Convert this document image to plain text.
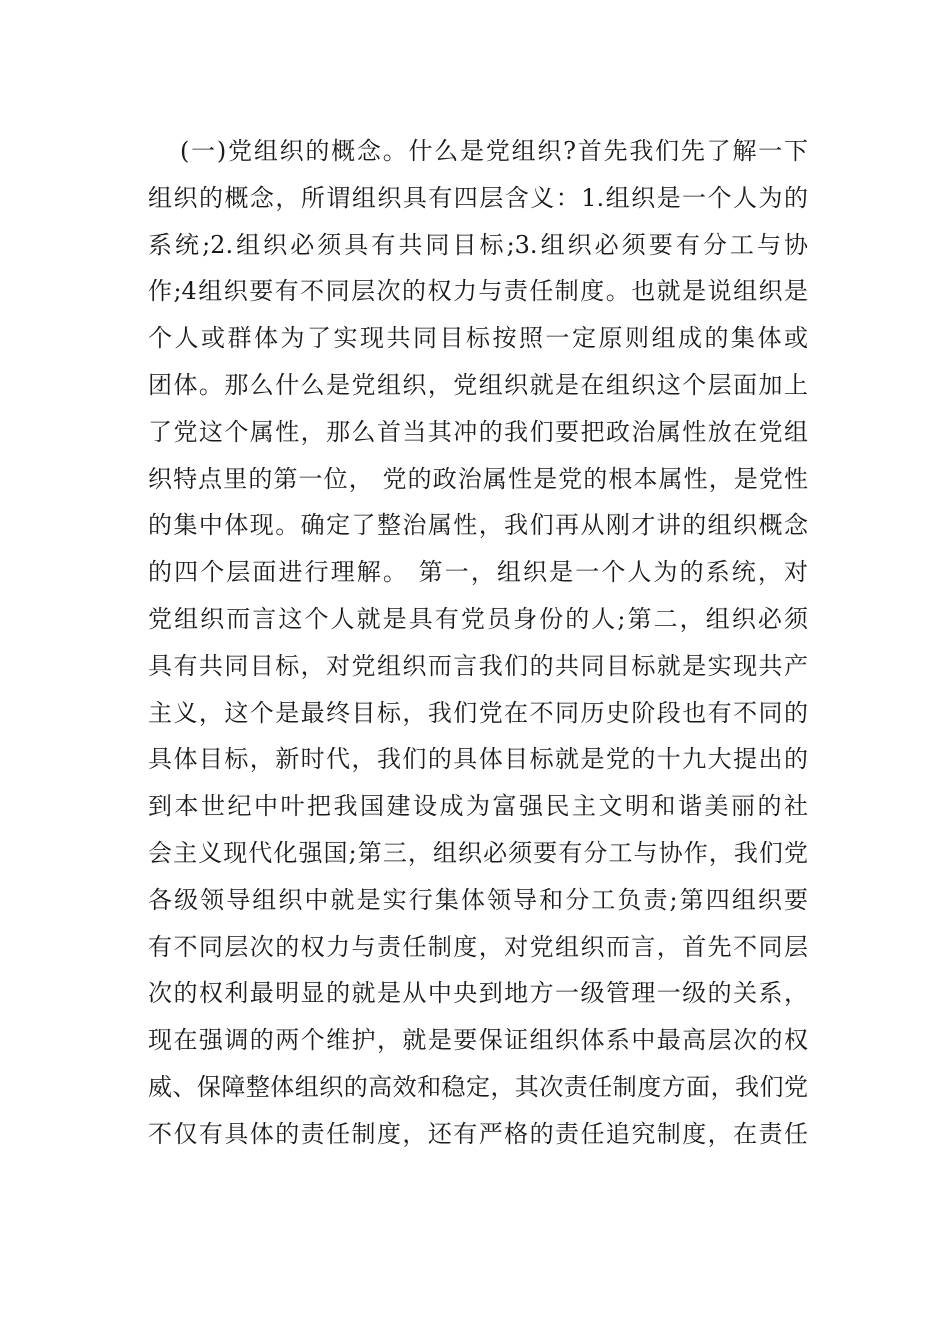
(一)党组织的概念。什么是党组织?首先我们先了解一下
组织的概念，所谓组织具有四层含义：1.组织是一个人为的
系统;2.组织必须具有共同目标;3.组织必须要有分工与协
作;4组织要有不同层次的权力与责任制度。也就是说组织是
个人或群体为了实现共同目标按照一定原则组成的集体或
团体。那么什么是党组织，党组织就是在组织这个层面加上
了党这个属性，那么首当其冲的我们要把政治属性放在党组
织特点里的第一位， 党的政治属性是党的根本属性，是党性
的集中体现。确定了整治属性，我们再从刚才讲的组织概念
的四个层面进行理解。 第一，组织是一个人为的系统，对
党组织而言这个人就是具有党员身份的人;第二，组织必须
具有共同目标，对党组织而言我们的共同目标就是实现共产
主义，这个是最终目标，我们党在不同历史阶段也有不同的
具体目标，新时代，我们的具体目标就是党的十九大提出的
到本世纪中叶把我国建设成为富强民主文明和谐美丽的社
会主义现代化强国;第三，组织必须要有分工与协作，我们党
各级领导组织中就是实行集体领导和分工负责;第四组织要
有不同层次的权力与责任制度，对党组织而言，首先不同层
次的权利最明显的就是从中央到地方一级管理一级的关系，
现在强调的两个维护，就是要保证组织体系中最高层次的权
威、保障整体组织的高效和稳定，其次责任制度方面，我们党
不仅有具体的责任制度，还有严格的责任追究制度，在责任
